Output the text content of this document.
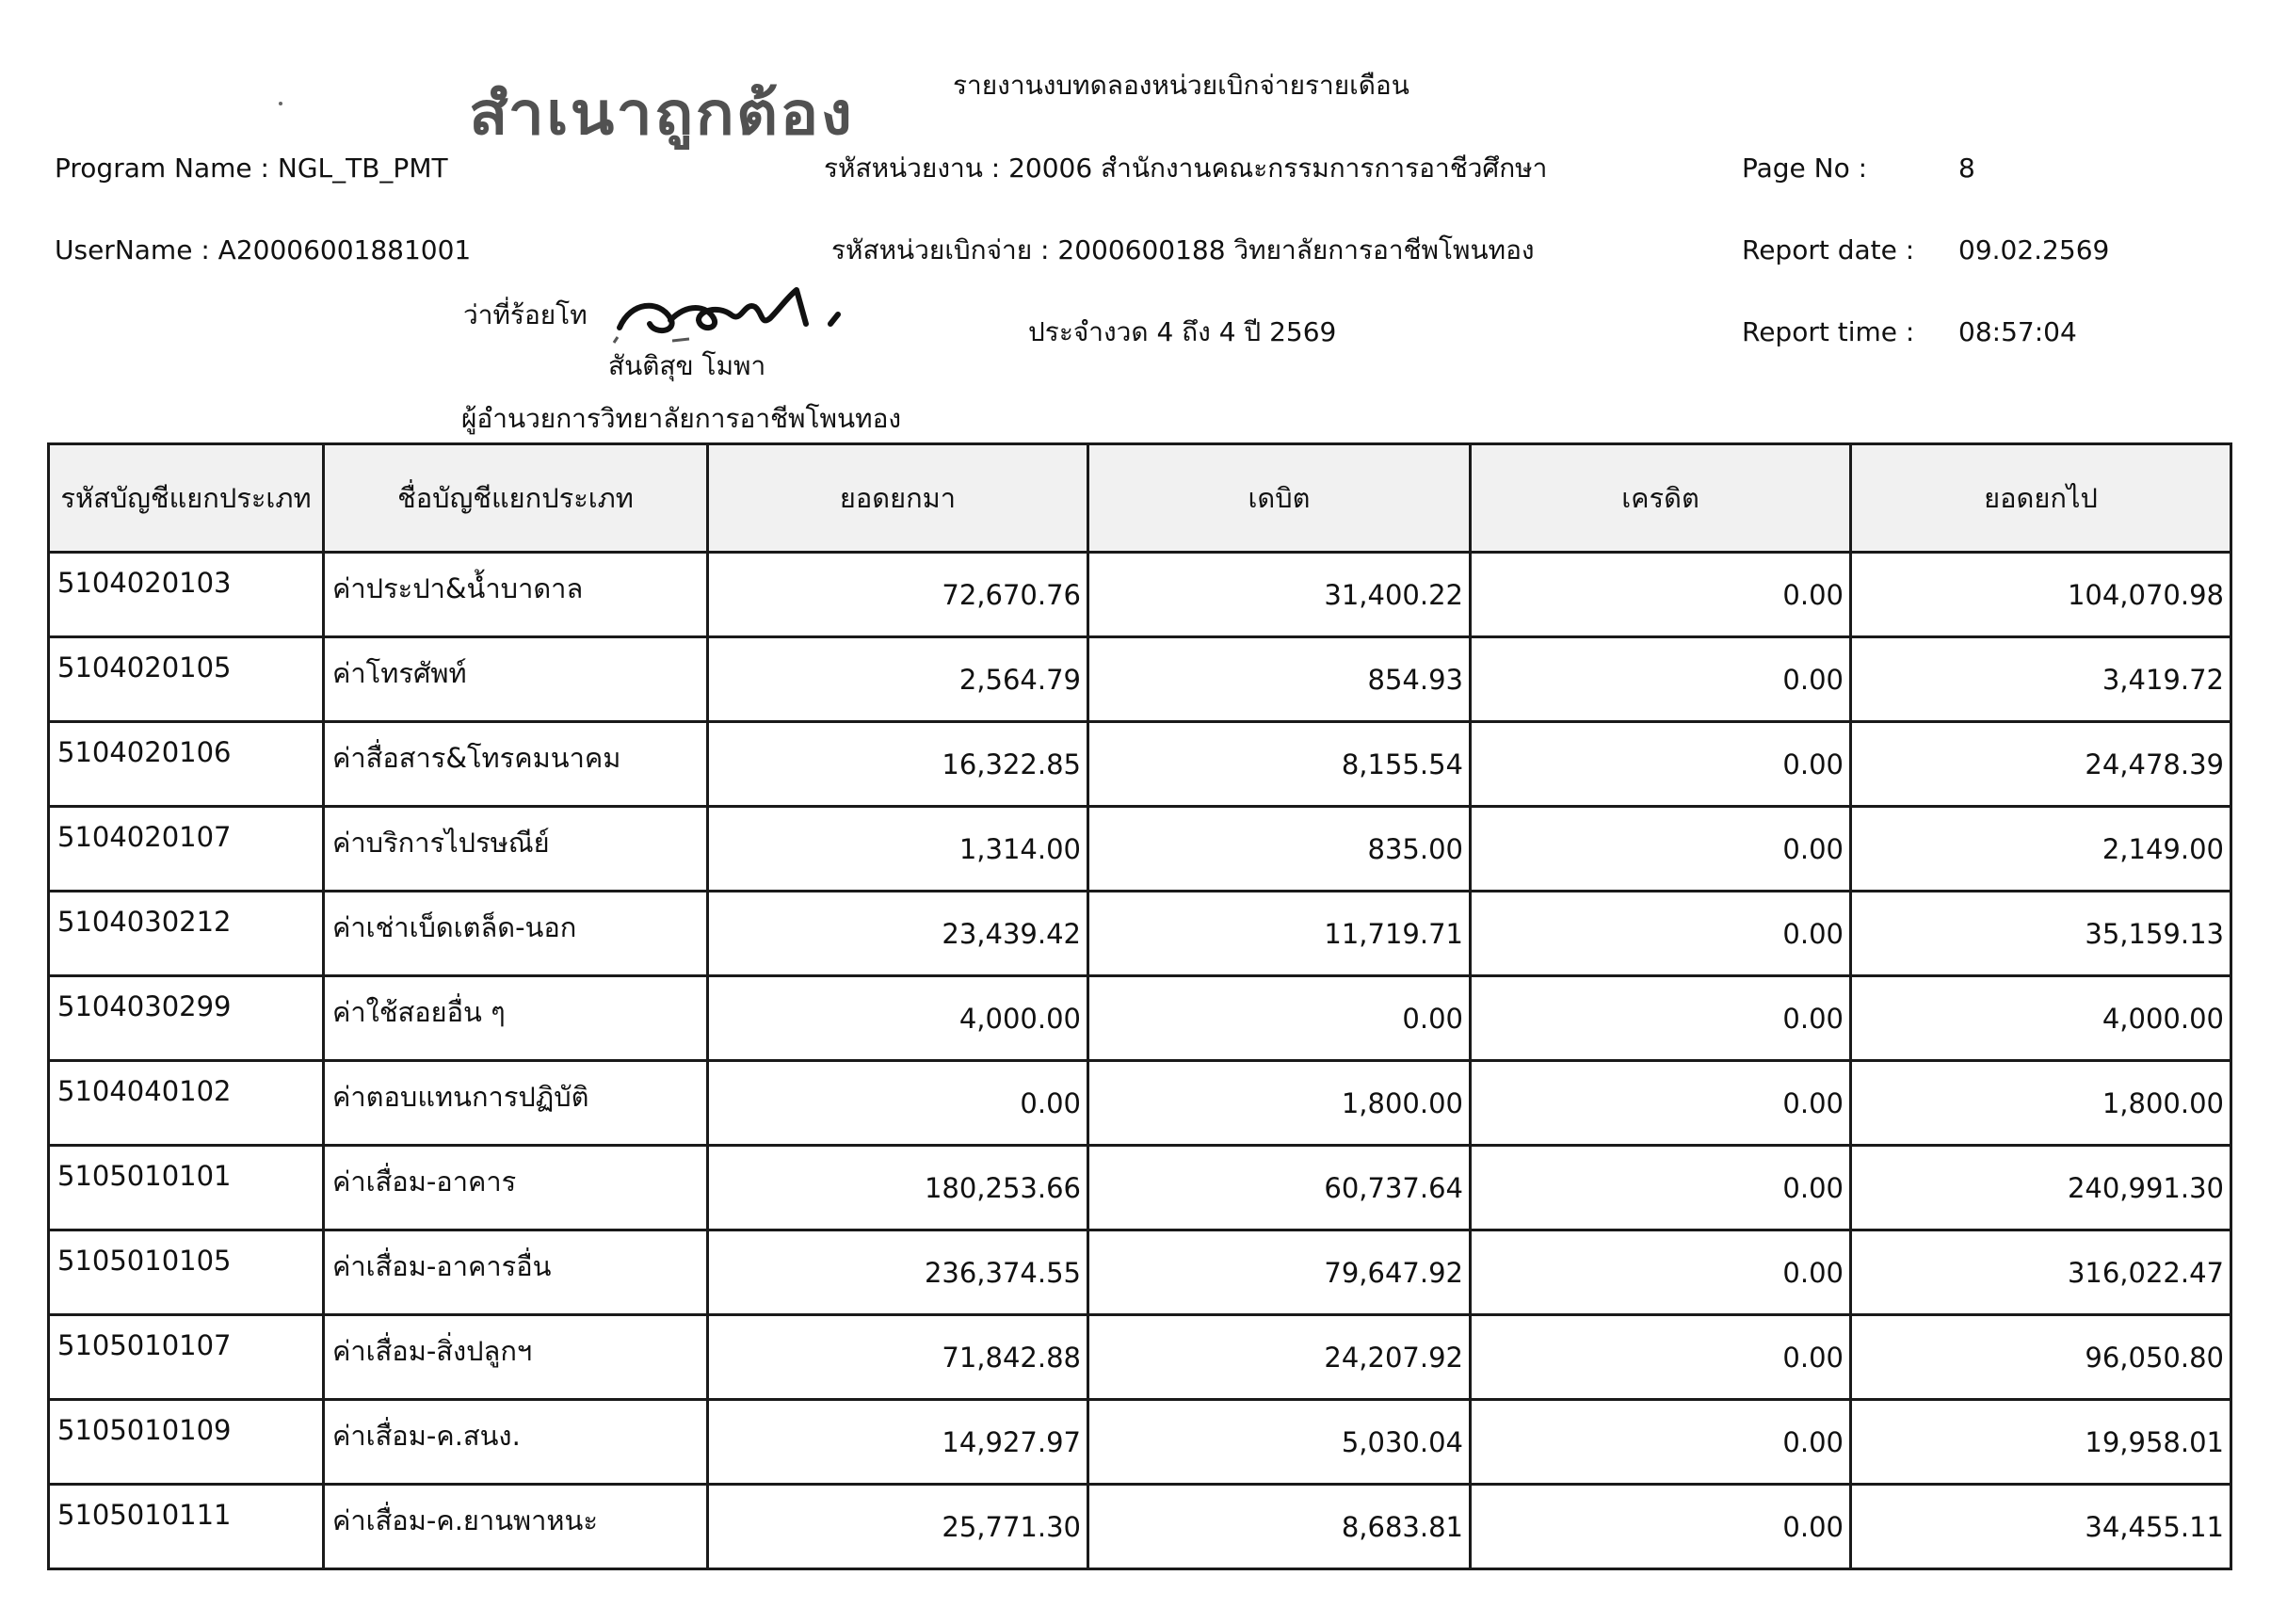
สำเนาถูกต้อง	รายงานงบทดลองหน่วยเบิกจ่ายรายเดือน
Program Name : NGL_TB_PMT
UserName : A20006001881001
รหัสหน่วยงาน : 20006 สำนักงานคณะกรรมการการอาชีวศึกษา
รหัสหน่วยเบิกจ่าย : 2000600188 วิทยาลัยการอาชีพโพนทอง
ประจำงวด 4 ถึง 4 ปี 2569
Page No :	8
Report date : 09.02.2569
Report time : 08:57:04
ว่าที่ร้อยโท
สันติสุข โมพา
ผู้อำนวยการวิทยาลัยการอาชีพโพนทอง
รหัสบัญชีแยกประเภท	ชื่อบัญชีแยกประเภท	ยอดยกมา	เดบิต	เครดิต	ยอดยกไป
5104020103	ค่าประปา&น้ำบาดาล	72,670.76	31,400.22	0.00	104,070.98
5104020105	ค่าโทรศัพท์	2,564.79	854.93	0.00	3,419.72
5104020106	ค่าสื่อสาร&โทรคมนาคม	16,322.85	8,155.54	0.00	24,478.39
5104020107	ค่าบริการไปรษณีย์	1,314.00	835.00	0.00	2,149.00
5104030212	ค่าเช่าเบ็ดเตล็ด-นอก	23,439.42	11,719.71	0.00	35,159.13
5104030299	ค่าใช้สอยอื่น ๆ	4,000.00	0.00	0.00	4,000.00
5104040102	ค่าตอบแทนการปฏิบัติ	0.00	1,800.00	0.00	1,800.00
5105010101	ค่าเสื่อม-อาคาร	180,253.66	60,737.64	0.00	240,991.30
5105010105	ค่าเสื่อม-อาคารอื่น	236,374.55	79,647.92	0.00	316,022.47
5105010107	ค่าเสื่อม-สิ่งปลูกฯ	71,842.88	24,207.92	0.00	96,050.80
5105010109	ค่าเสื่อม-ค.สนง.	14,927.97	5,030.04	0.00	19,958.01
5105010111	ค่าเสื่อม-ค.ยานพาหนะ	25,771.30	8,683.81	0.00	34,455.11
